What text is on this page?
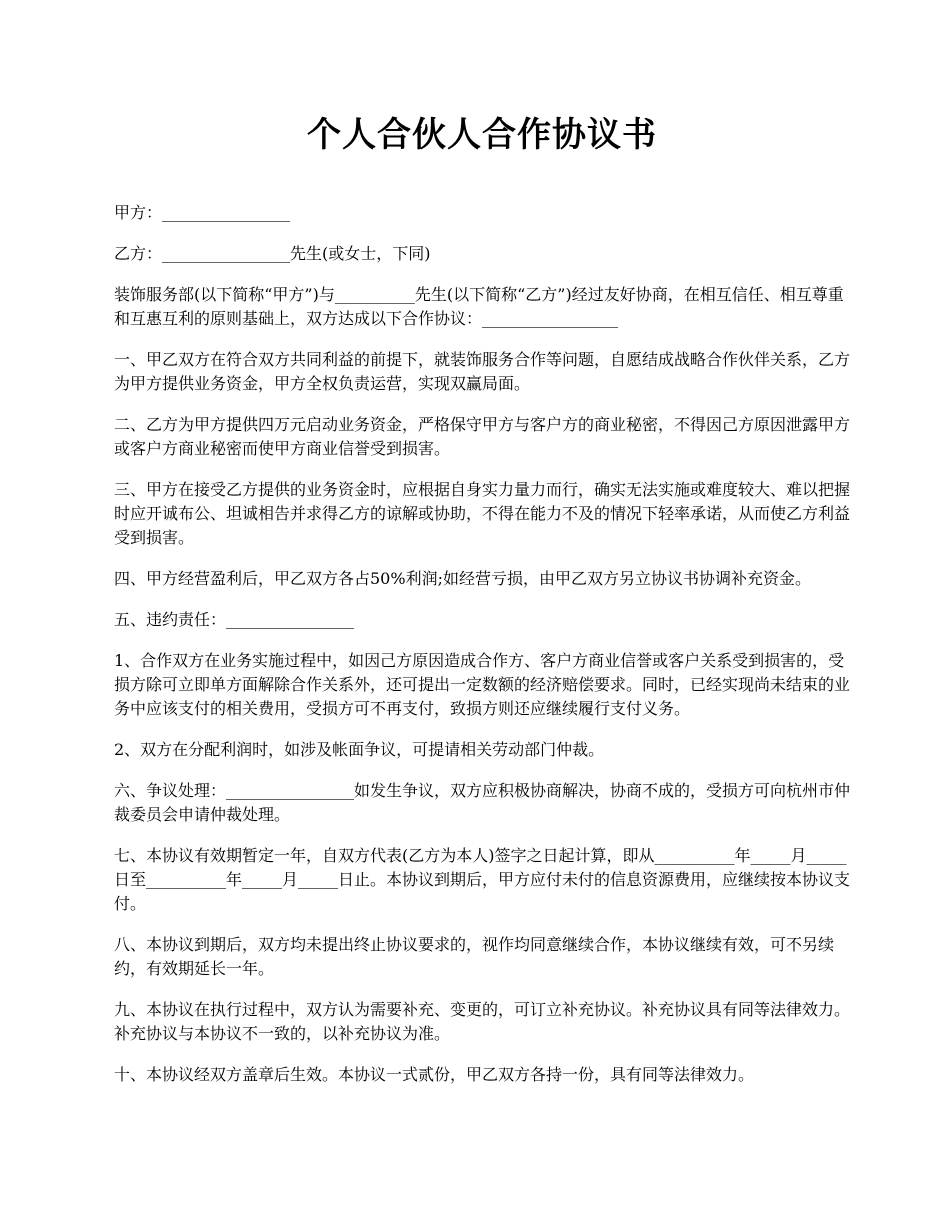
个人合伙人合作协议书

甲方：________________

乙方：________________先生(或女士，下同)

装饰服务部(以下简称“甲方”)与__________先生(以下简称“乙方”)经过友好协商，在相互信任、相互尊重和互惠互利的原则基础上，双方达成以下合作协议：_________________

一、甲乙双方在符合双方共同利益的前提下，就装饰服务合作等问题，自愿结成战略合作伙伴关系，乙方为甲方提供业务资金，甲方全权负责运营，实现双赢局面。

二、乙方为甲方提供四万元启动业务资金，严格保守甲方与客户方的商业秘密，不得因己方原因泄露甲方或客户方商业秘密而使甲方商业信誉受到损害。

三、甲方在接受乙方提供的业务资金时，应根据自身实力量力而行，确实无法实施或难度较大、难以把握时应开诚布公、坦诚相告并求得乙方的谅解或协助，不得在能力不及的情况下轻率承诺，从而使乙方利益受到损害。

四、甲方经营盈利后，甲乙双方各占50%利润;如经营亏损，由甲乙双方另立协议书协调补充资金。

五、违约责任：________________

1、合作双方在业务实施过程中，如因己方原因造成合作方、客户方商业信誉或客户关系受到损害的，受损方除可立即单方面解除合作关系外，还可提出一定数额的经济赔偿要求。同时，已经实现尚未结束的业务中应该支付的相关费用，受损方可不再支付，致损方则还应继续履行支付义务。

2、双方在分配利润时，如涉及帐面争议，可提请相关劳动部门仲裁。

六、争议处理：________________如发生争议，双方应积极协商解决，协商不成的，受损方可向杭州市仲裁委员会申请仲裁处理。

七、本协议有效期暂定一年，自双方代表(乙方为本人)签字之日起计算，即从__________年_____月_____日至__________年_____月_____日止。本协议到期后，甲方应付未付的信息资源费用，应继续按本协议支付。

八、本协议到期后，双方均未提出终止协议要求的，视作均同意继续合作，本协议继续有效，可不另续约，有效期延长一年。

九、本协议在执行过程中，双方认为需要补充、变更的，可订立补充协议。补充协议具有同等法律效力。补充协议与本协议不一致的，以补充协议为准。

十、本协议经双方盖章后生效。本协议一式贰份，甲乙双方各持一份，具有同等法律效力。
